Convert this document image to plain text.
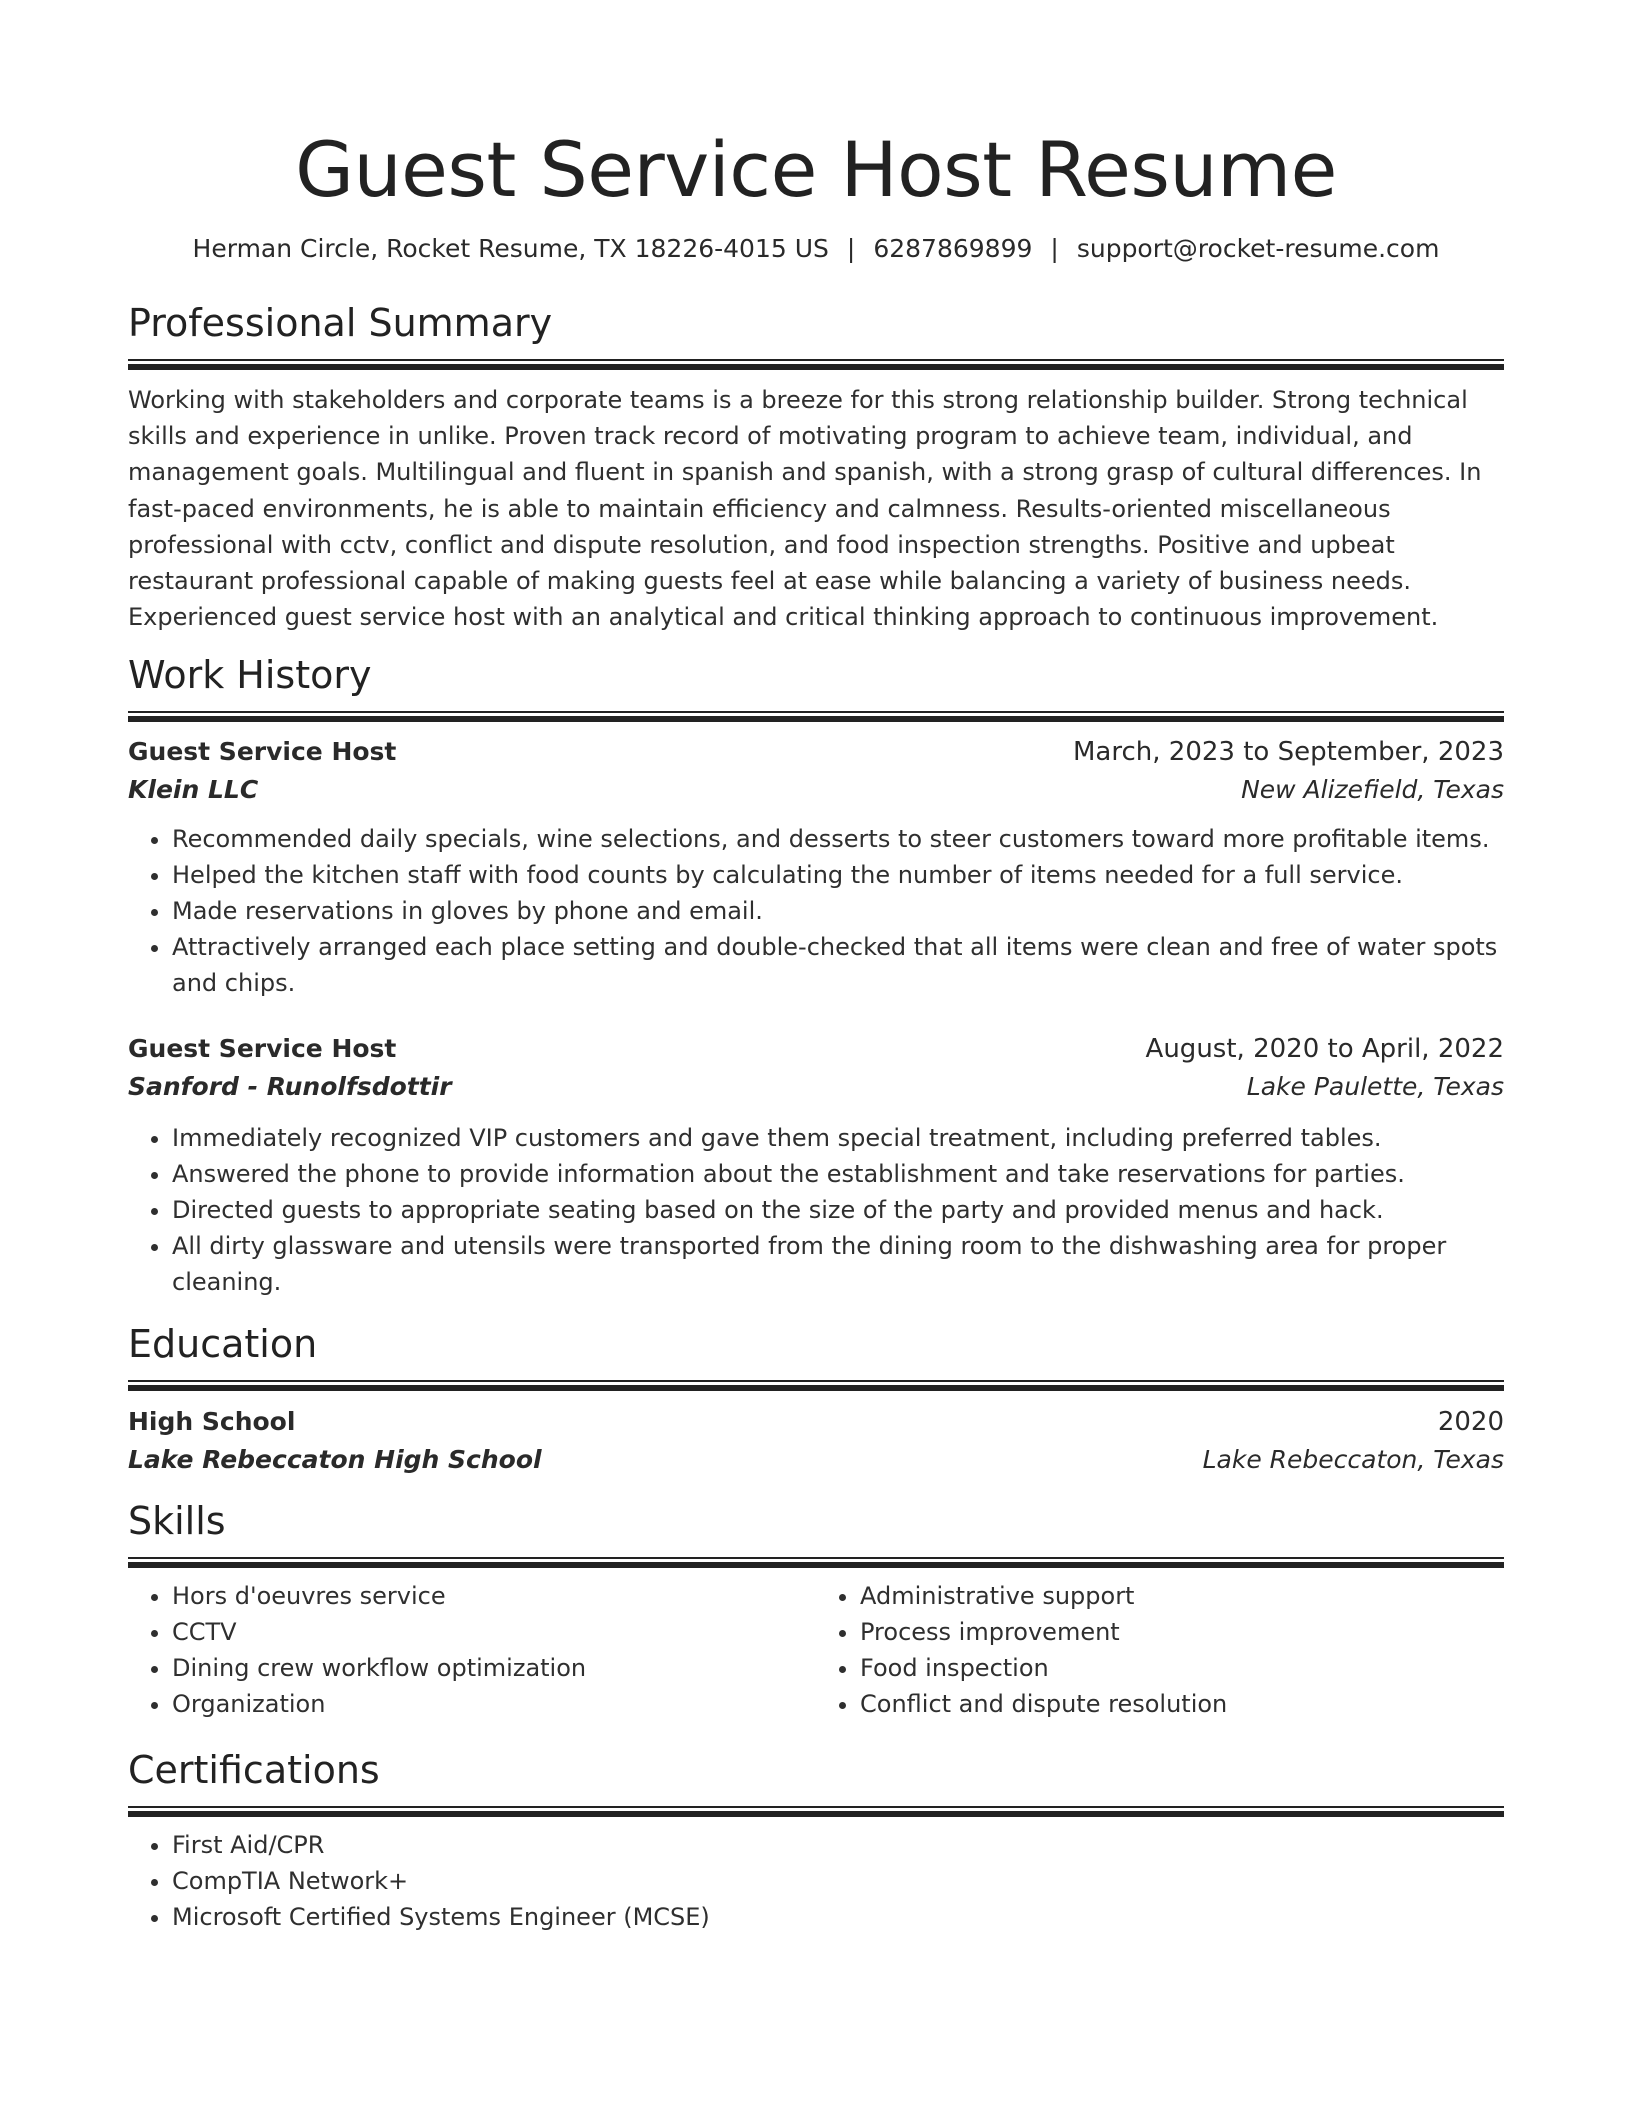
Guest Service Host Resume
Herman Circle, Rocket Resume, TX 18226-4015 US | 6287869899 | support@rocket-resume.com
Professional Summary
Working with stakeholders and corporate teams is a breeze for this strong relationship builder. Strong technical skills and experience in unlike. Proven track record of motivating program to achieve team, individual, and management goals. Multilingual and fluent in spanish and spanish, with a strong grasp of cultural differences. In fast-paced environments, he is able to maintain efficiency and calmness. Results-oriented miscellaneous professional with cctv, conflict and dispute resolution, and food inspection strengths. Positive and upbeat restaurant professional capable of making guests feel at ease while balancing a variety of business needs. Experienced guest service host with an analytical and critical thinking approach to continuous improvement.
Work History
Guest Service Host	March, 2023 to September, 2023
Klein LLC	New Alizefield, Texas
• Recommended daily specials, wine selections, and desserts to steer customers toward more profitable items.
• Helped the kitchen staff with food counts by calculating the number of items needed for a full service.
• Made reservations in gloves by phone and email.
• Attractively arranged each place setting and double-checked that all items were clean and free of water spots and chips.
Guest Service Host	August, 2020 to April, 2022
Sanford - Runolfsdottir	Lake Paulette, Texas
• Immediately recognized VIP customers and gave them special treatment, including preferred tables.
• Answered the phone to provide information about the establishment and take reservations for parties.
• Directed guests to appropriate seating based on the size of the party and provided menus and hack.
• All dirty glassware and utensils were transported from the dining room to the dishwashing area for proper cleaning.
Education
High School	2020
Lake Rebeccaton High School	Lake Rebeccaton, Texas
Skills
• Hors d'oeuvres service
• CCTV
• Dining crew workflow optimization
• Organization
• Administrative support
• Process improvement
• Food inspection
• Conflict and dispute resolution
Certifications
• First Aid/CPR
• CompTIA Network+
• Microsoft Certified Systems Engineer (MCSE)
